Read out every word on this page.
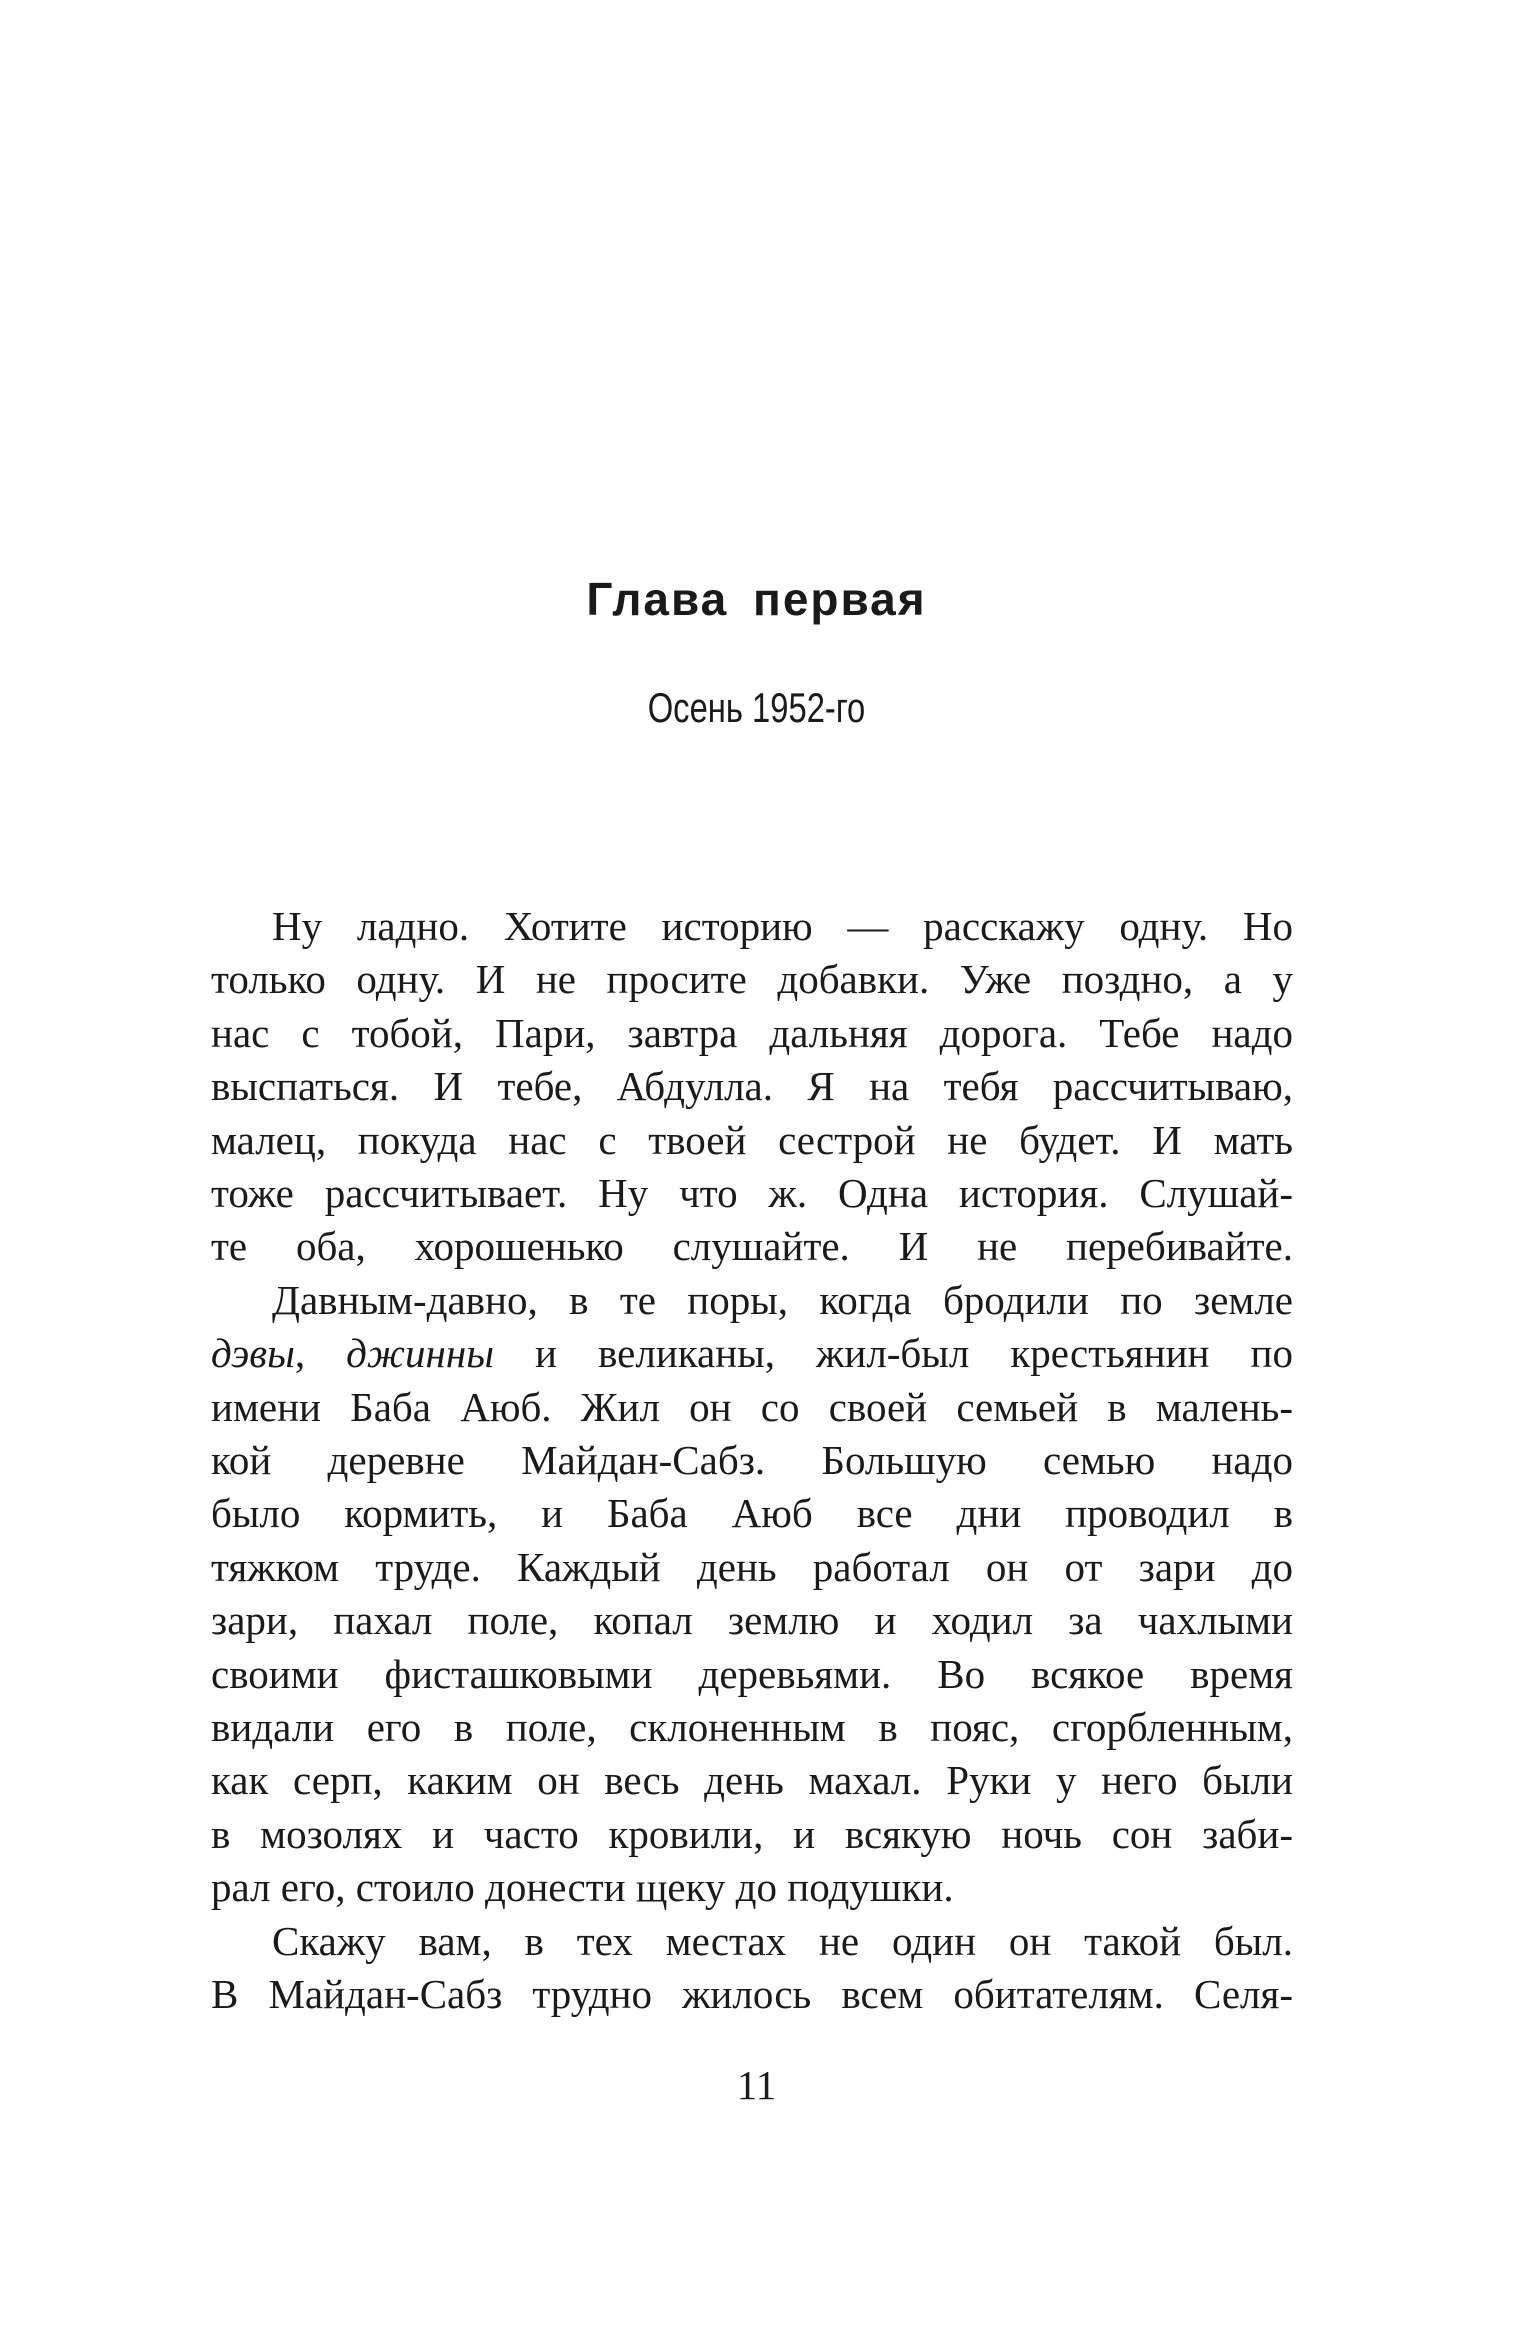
Глава первая
Осень 1952-го
Ну ладно. Хотите историю — расскажу одну. Но
только одну. И не просите добавки. Уже поздно, а у
нас с тобой, Пари, завтра дальняя дорога. Тебе надо
выспаться. И тебе, Абдулла. Я на тебя рассчитываю,
малец, покуда нас с твоей сестрой не будет. И мать
тоже рассчитывает. Ну что ж. Одна история. Слушай-
те оба, хорошенько слушайте. И не перебивайте.
Давным-давно, в те поры, когда бродили по земле
дэвы, джинны и великаны, жил-был крестьянин по
имени Баба Аюб. Жил он со своей семьей в малень-
кой деревне Майдан-Сабз. Большую семью надо
было кормить, и Баба Аюб все дни проводил в
тяжком труде. Каждый день работал он от зари до
зари, пахал поле, копал землю и ходил за чахлыми
своими фисташковыми деревьями. Во всякое время
видали его в поле, склоненным в пояс, сгорбленным,
как серп, каким он весь день махал. Руки у него были
в мозолях и часто кровили, и всякую ночь сон заби-
рал его, стоило донести щеку до подушки.
Скажу вам, в тех местах не один он такой был.
В Майдан-Сабз трудно жилось всем обитателям. Селя-
11
